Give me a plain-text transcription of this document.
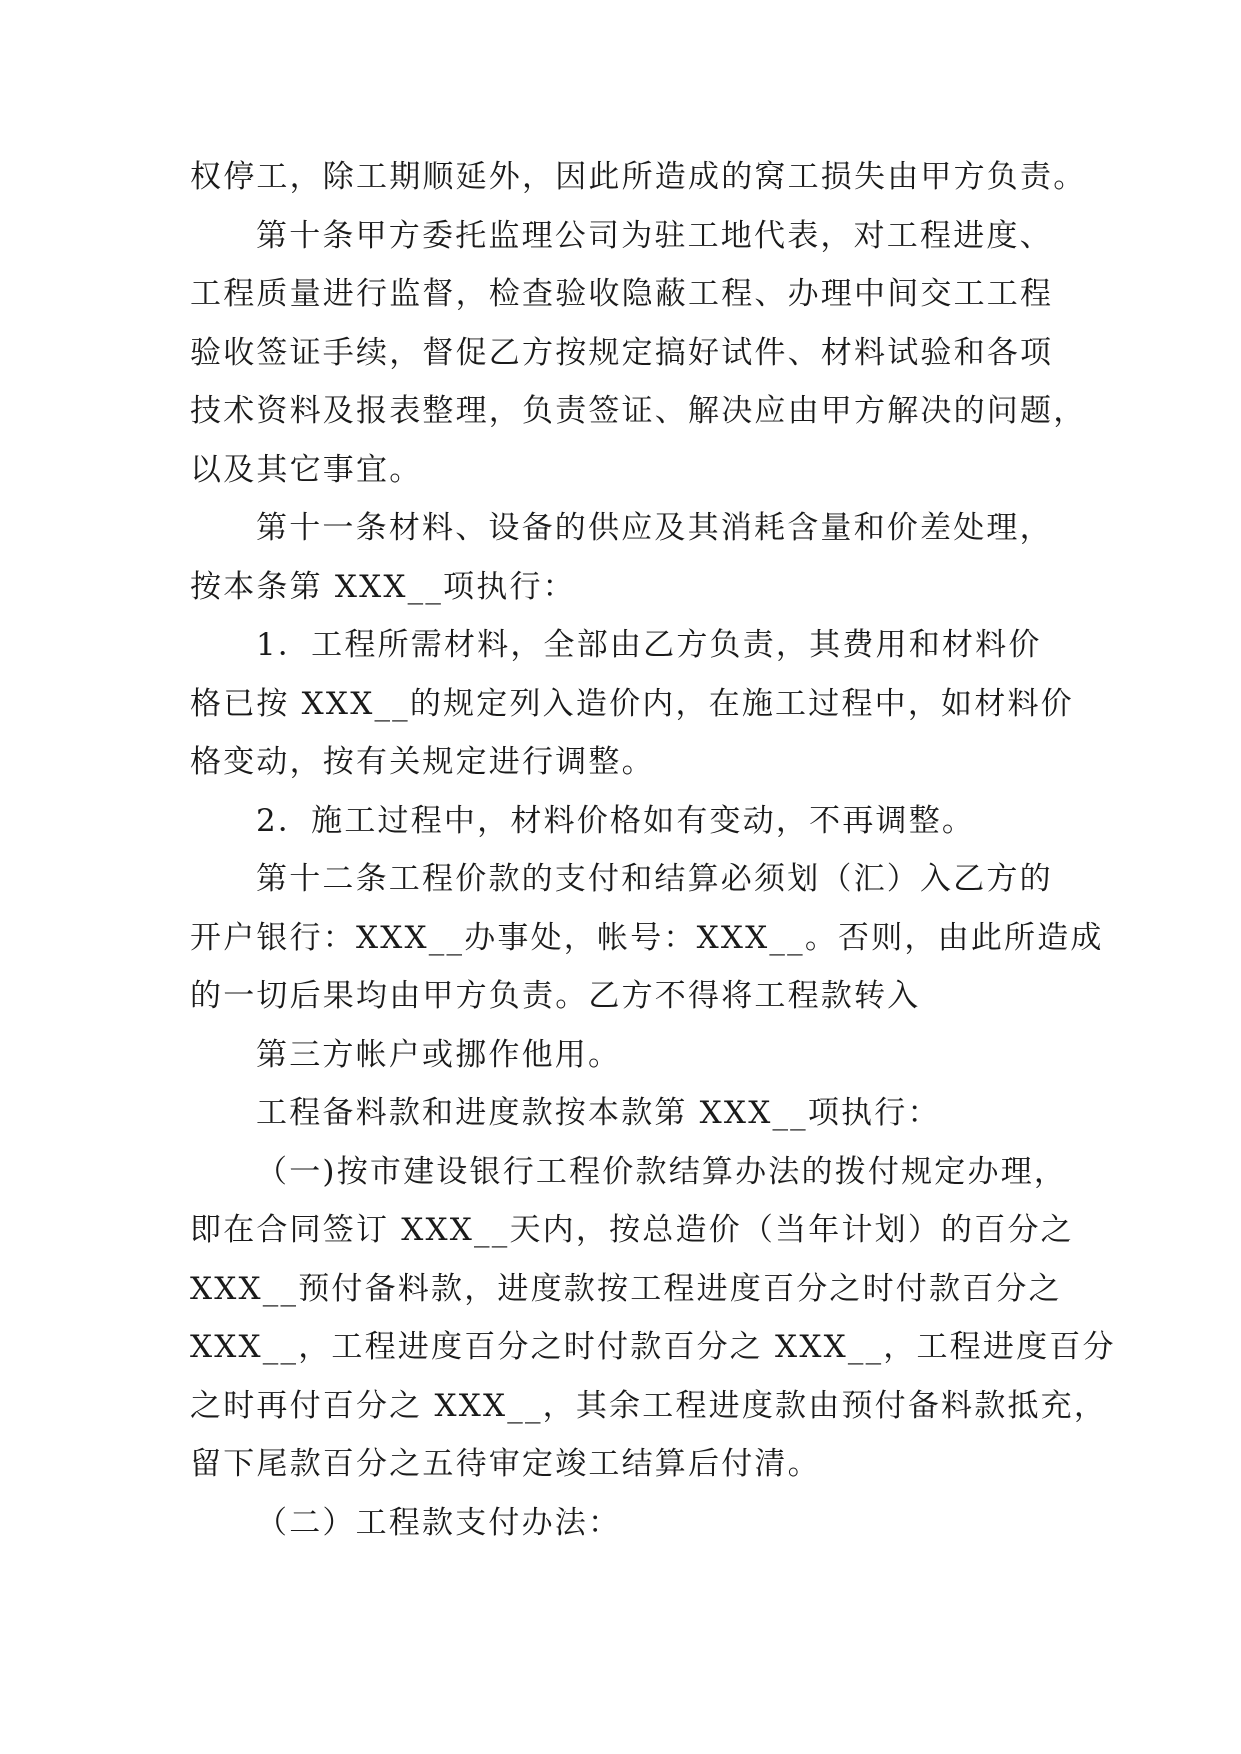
权停工，除工期顺延外，因此所造成的窝工损失由甲方负责。
第十条甲方委托监理公司为驻工地代表，对工程进度、
工程质量进行监督，检查验收隐蔽工程、办理中间交工工程
验收签证手续，督促乙方按规定搞好试件、材料试验和各项
技术资料及报表整理，负责签证、解决应由甲方解决的问题，
以及其它事宜。
第十一条材料、设备的供应及其消耗含量和价差处理，
按本条第 XXX__项执行：
1．工程所需材料，全部由乙方负责，其费用和材料价
格已按 XXX__的规定列入造价内，在施工过程中，如材料价
格变动，按有关规定进行调整。
2．施工过程中，材料价格如有变动，不再调整。
第十二条工程价款的支付和结算必须划（汇）入乙方的
开户银行：XXX__办事处，帐号：XXX__。否则，由此所造成
的一切后果均由甲方负责。乙方不得将工程款转入
第三方帐户或挪作他用。
工程备料款和进度款按本款第 XXX__项执行：
（一)按市建设银行工程价款结算办法的拨付规定办理，
即在合同签订 XXX__天内，按总造价（当年计划）的百分之
XXX__预付备料款，进度款按工程进度百分之时付款百分之
XXX__，工程进度百分之时付款百分之 XXX__，工程进度百分
之时再付百分之 XXX__，其余工程进度款由预付备料款抵充，
留下尾款百分之五待审定竣工结算后付清。
（二）工程款支付办法：
